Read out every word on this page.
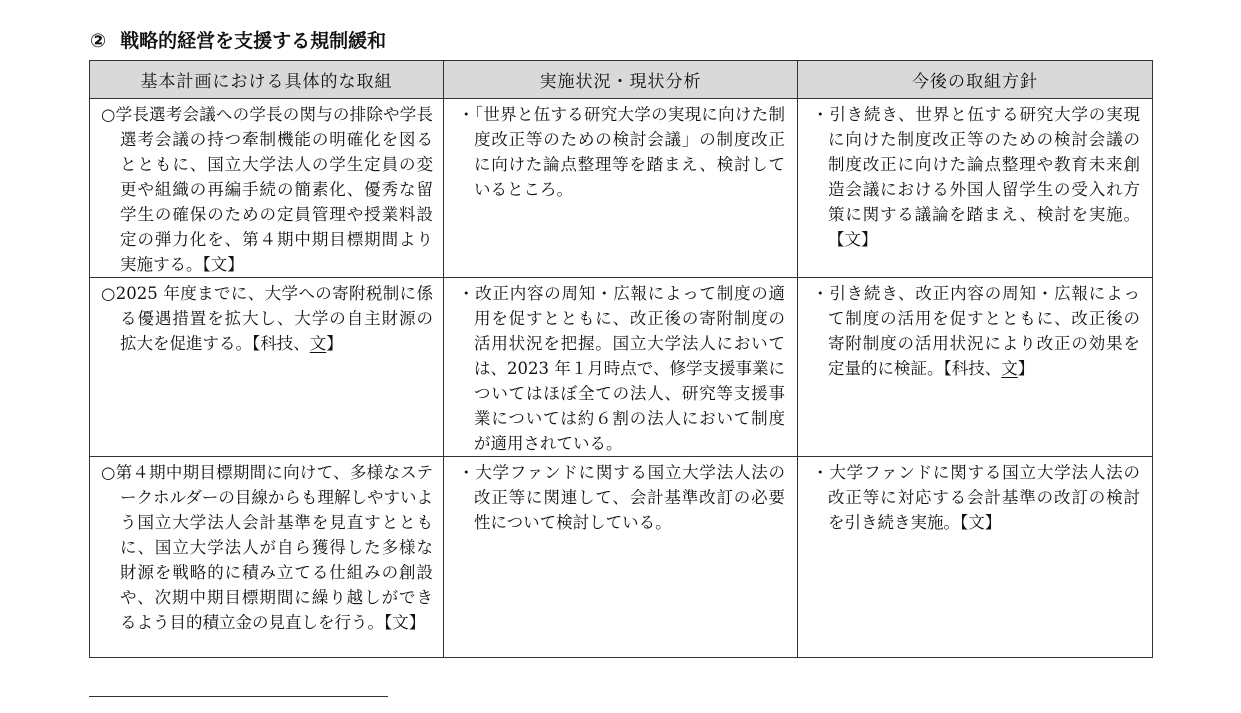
② 戦略的経営を支援する規制緩和
基本計画における具体的な取組	実施状況・現状分析	今後の取組方針

○学長選考会議への学長の関与の排除や学長選考会議の持つ牽制機能の明確化を図るとともに、国立大学法人の学生定員の変更や組織の再編手続の簡素化、優秀な留学生の確保のための定員管理や授業料設定の弾力化を、第４期中期目標期間より実施する。【文】	・「世界と伍する研究大学の実現に向けた制度改正等のための検討会議」の制度改正に向けた論点整理等を踏まえ、検討しているところ。	・引き続き、世界と伍する研究大学の実現に向けた制度改正等のための検討会議の制度改正に向けた論点整理や教育未来創造会議における外国人留学生の受入れ方策に関する議論を踏まえ、検討を実施。【文】

○2025 年度までに、大学への寄附税制に係る優遇措置を拡大し、大学の自主財源の拡大を促進する。【科技、文】	・改正内容の周知・広報によって制度の適用を促すとともに、改正後の寄附制度の活用状況を把握。国立大学法人においては、2023 年１月時点で、修学支援事業についてはほぼ全ての法人、研究等支援事業については約６割の法人において制度が適用されている。	・引き続き、改正内容の周知・広報によって制度の活用を促すとともに、改正後の寄附制度の活用状況により改正の効果を定量的に検証。【科技、文】

○第４期中期目標期間に向けて、多様なステークホルダーの目線からも理解しやすいよう国立大学法人会計基準を見直すとともに、国立大学法人が自ら獲得した多様な財源を戦略的に積み立てる仕組みの創設や、次期中期目標期間に繰り越しができるよう目的積立金の見直しを行う。【文】	・大学ファンドに関する国立大学法人法の改正等に関連して、会計基準改訂の必要性について検討している。	・大学ファンドに関する国立大学法人法の改正等に対応する会計基準の改訂の検討を引き続き実施。【文】
